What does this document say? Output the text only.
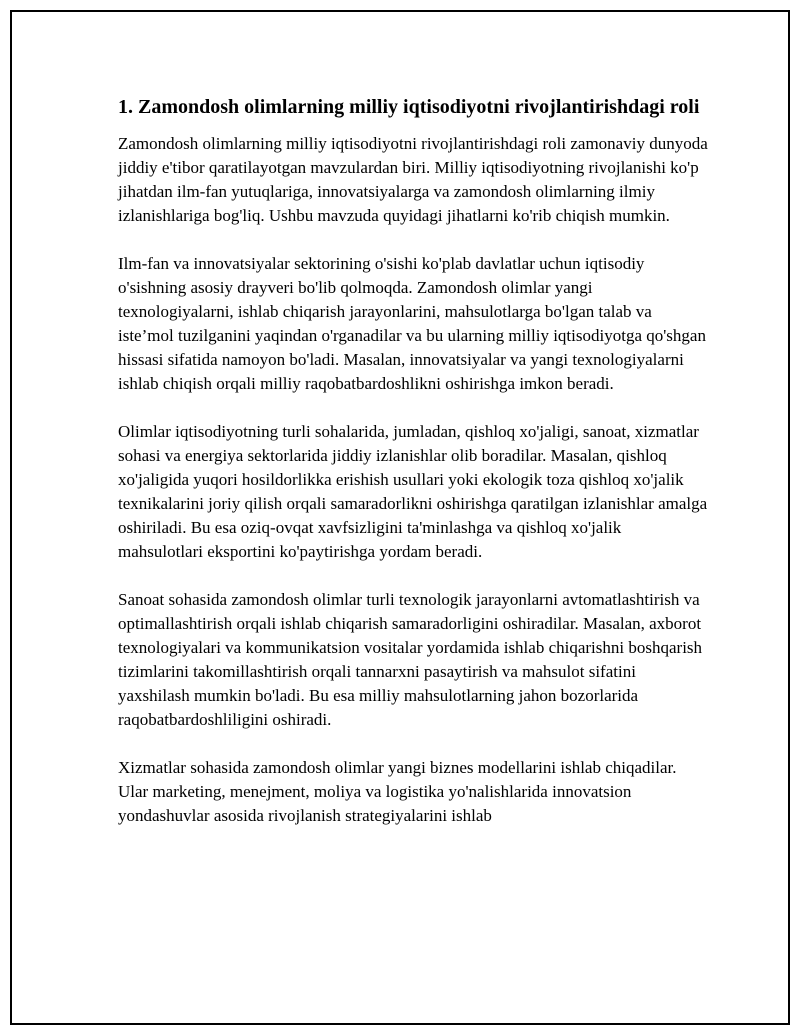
1. Zamondosh olimlarning milliy iqtisodiyotni rivojlantirishdagi roli

Zamondosh olimlarning milliy iqtisodiyotni rivojlantirishdagi roli zamonaviy dunyoda jiddiy e'tibor qaratilayotgan mavzulardan biri. Milliy iqtisodiyotning rivojlanishi ko'p jihatdan ilm-fan yutuqlariga, innovatsiyalarga va zamondosh olimlarning ilmiy izlanishlariga bog'liq. Ushbu mavzuda quyidagi jihatlarni ko'rib chiqish mumkin.

Ilm-fan va innovatsiyalar sektorining o'sishi ko'plab davlatlar uchun iqtisodiy o'sishning asosiy drayveri bo'lib qolmoqda. Zamondosh olimlar yangi texnologiyalarni, ishlab chiqarish jarayonlarini, mahsulotlarga bo'lgan talab va iste’mol tuzilganini yaqindan o'rganadilar va bu ularning milliy iqtisodiyotga qo'shgan hissasi sifatida namoyon bo'ladi. Masalan, innovatsiyalar va yangi texnologiyalarni ishlab chiqish orqali milliy raqobatbardoshlikni oshirishga imkon beradi.

Olimlar iqtisodiyotning turli sohalarida, jumladan, qishloq xo'jaligi, sanoat, xizmatlar sohasi va energiya sektorlarida jiddiy izlanishlar olib boradilar. Masalan, qishloq xo'jaligida yuqori hosildorlikka erishish usullari yoki ekologik toza qishloq xo'jalik texnikalarini joriy qilish orqali samaradorlikni oshirishga qaratilgan izlanishlar amalga oshiriladi. Bu esa oziq-ovqat xavfsizligini ta'minlashga va qishloq xo'jalik mahsulotlari eksportini ko'paytirishga yordam beradi.

Sanoat sohasida zamondosh olimlar turli texnologik jarayonlarni avtomatlashtirish va optimallashtirish orqali ishlab chiqarish samaradorligini oshiradilar. Masalan, axborot texnologiyalari va kommunikatsion vositalar yordamida ishlab chiqarishni boshqarish tizimlarini takomillashtirish orqali tannarxni pasaytirish va mahsulot sifatini yaxshilash mumkin bo'ladi. Bu esa milliy mahsulotlarning jahon bozorlarida raqobatbardoshliligini oshiradi.

Xizmatlar sohasida zamondosh olimlar yangi biznes modellarini ishlab chiqadilar. Ular marketing, menejment, moliya va logistika yo'nalishlarida innovatsion yondashuvlar asosida rivojlanish strategiyalarini ishlab
